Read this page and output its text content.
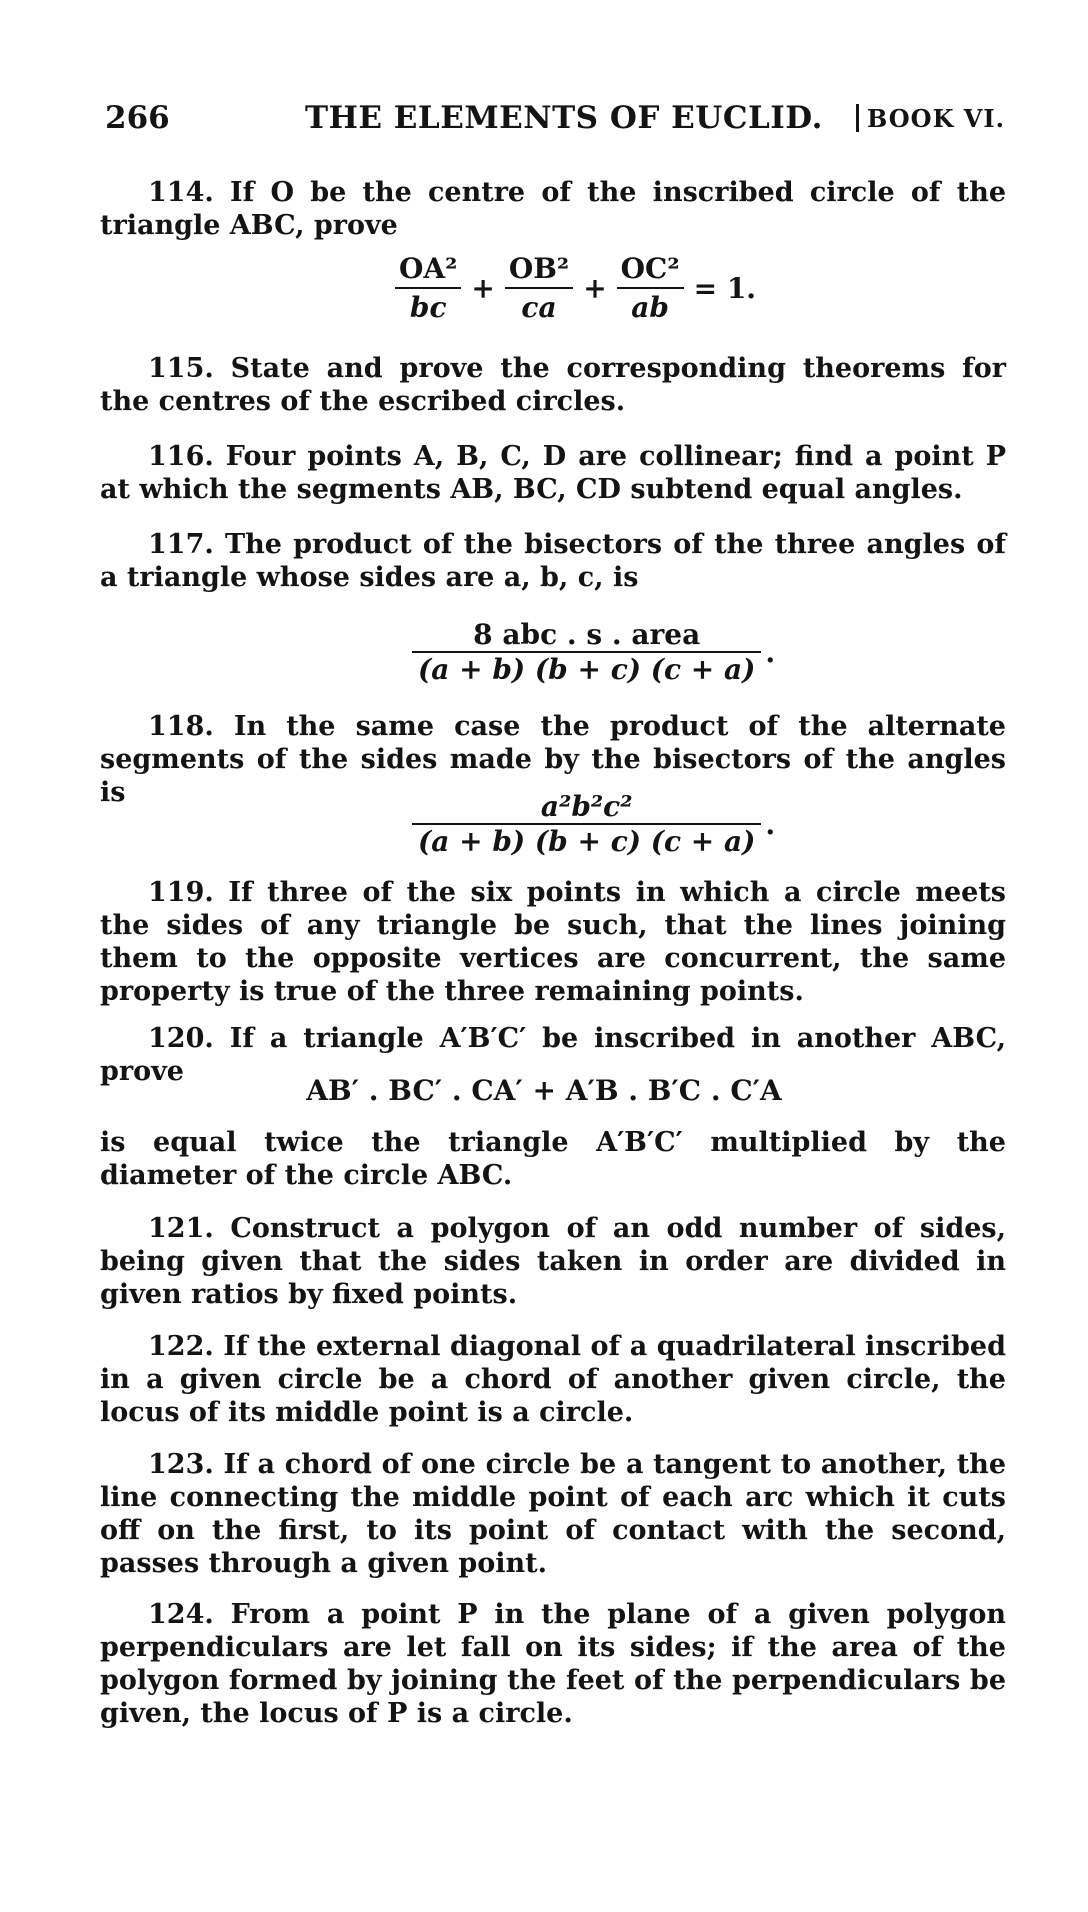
266	THE ELEMENTS OF EUCLID.	BOOK VI.
114. If O be the centre of the inscribed circle of the triangle ABC, prove
$\frac{\text{OA²}}{bc} + \frac{\text{OB²}}{ca} + \frac{\text{OC²}}{ab} = 1$.
115. State and prove the corresponding theorems for the centres of the escribed circles.
116. Four points A, B, C, D are collinear; find a point P at which the segments AB, BC, CD subtend equal angles.
117. The product of the bisectors of the three angles of a triangle whose sides are a, b, c, is
$\frac{\text{8 abc . s . area}}{(a + b) (b + c) (c + a)}$ .
118. In the same case the product of the alternate segments of the sides made by the bisectors of the angles is	$\frac{\text{a²b²c²}}{(a + b) (b + c) (c + a)}$ .
119. If three of the six points in which a circle meets the sides of any triangle be such, that the lines joining them to the opposite vertices are concurrent, the same property is true of the three remaining points.
120. If a triangle A′B′C′ be inscribed in another ABC, prove
AB′ . BC′ . CA′ + A′B . B′C . C′A
is equal twice the triangle A′B′C′ multiplied by the diameter of the circle ABC.
121. Construct a polygon of an odd number of sides, being given that the sides taken in order are divided in given ratios by fixed points.
122. If the external diagonal of a quadrilateral inscribed in a given circle be a chord of another given circle, the locus of its middle point is a circle.
123. If a chord of one circle be a tangent to another, the line connecting the middle point of each arc which it cuts off on the first, to its point of contact with the second, passes through a given point.
124. From a point P in the plane of a given polygon perpendiculars are let fall on its sides; if the area of the polygon formed by joining the feet of the perpendiculars be given, the locus of P is a circle.
